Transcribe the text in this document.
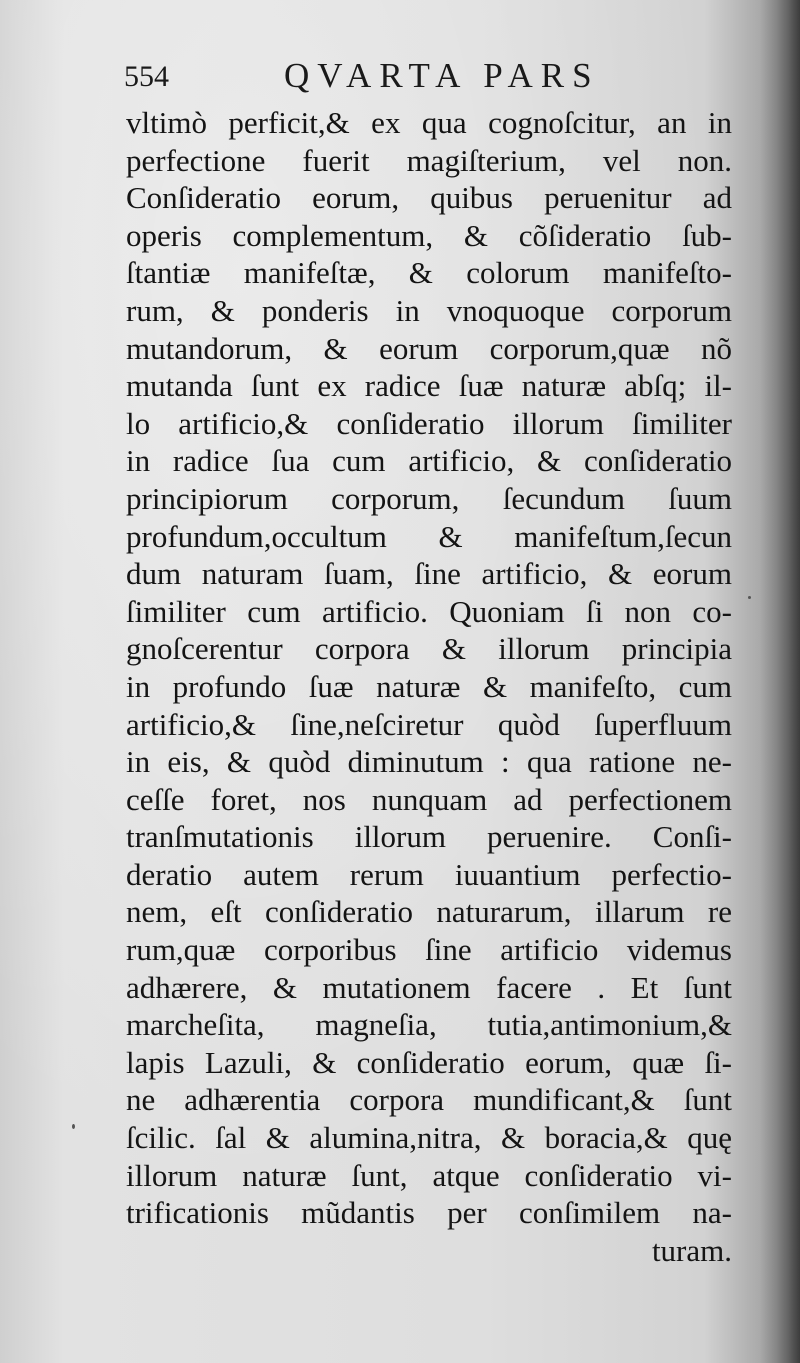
554	QVARTA PARS
vltimò perficit,& ex qua cognoſcitur, an in
perfectione fuerit magiſterium, vel non.
Conſideratio eorum, quibus peruenitur ad
operis complementum, & cõſideratio ſub-
ſtantiæ manifeſtæ, & colorum manifeſto-
rum, & ponderis in vnoquoque corporum
mutandorum, & eorum corporum,quæ nõ
mutanda ſunt ex radice ſuæ naturæ abſq; il-
lo artificio,& conſideratio illorum ſimiliter
in radice ſua cum artificio, & conſideratio
principiorum corporum, ſecundum ſuum
profundum,occultum & manifeſtum,ſecun
dum naturam ſuam, ſine artificio, & eorum
ſimiliter cum artificio. Quoniam ſi non co-
gnoſcerentur corpora & illorum principia
in profundo ſuæ naturæ & manifeſto, cum
artificio,& ſine,neſciretur quòd ſuperfluum
in eis, & quòd diminutum : qua ratione ne-
ceſſe foret, nos nunquam ad perfectionem
tranſmutationis illorum peruenire. Conſi-
deratio autem rerum iuuantium perfectio-
nem, eſt conſideratio naturarum, illarum re
rum,quæ corporibus ſine artificio videmus
adhærere, & mutationem facere . Et ſunt
marcheſita, magneſia, tutia,antimonium,&
lapis Lazuli, & conſideratio eorum, quæ ſi-
ne adhærentia corpora mundificant,& ſunt
ſcilic. ſal & alumina,nitra, & boracia,& quę
illorum naturæ ſunt, atque conſideratio vi-
trificationis mũdantis per conſimilem na-
turam.
